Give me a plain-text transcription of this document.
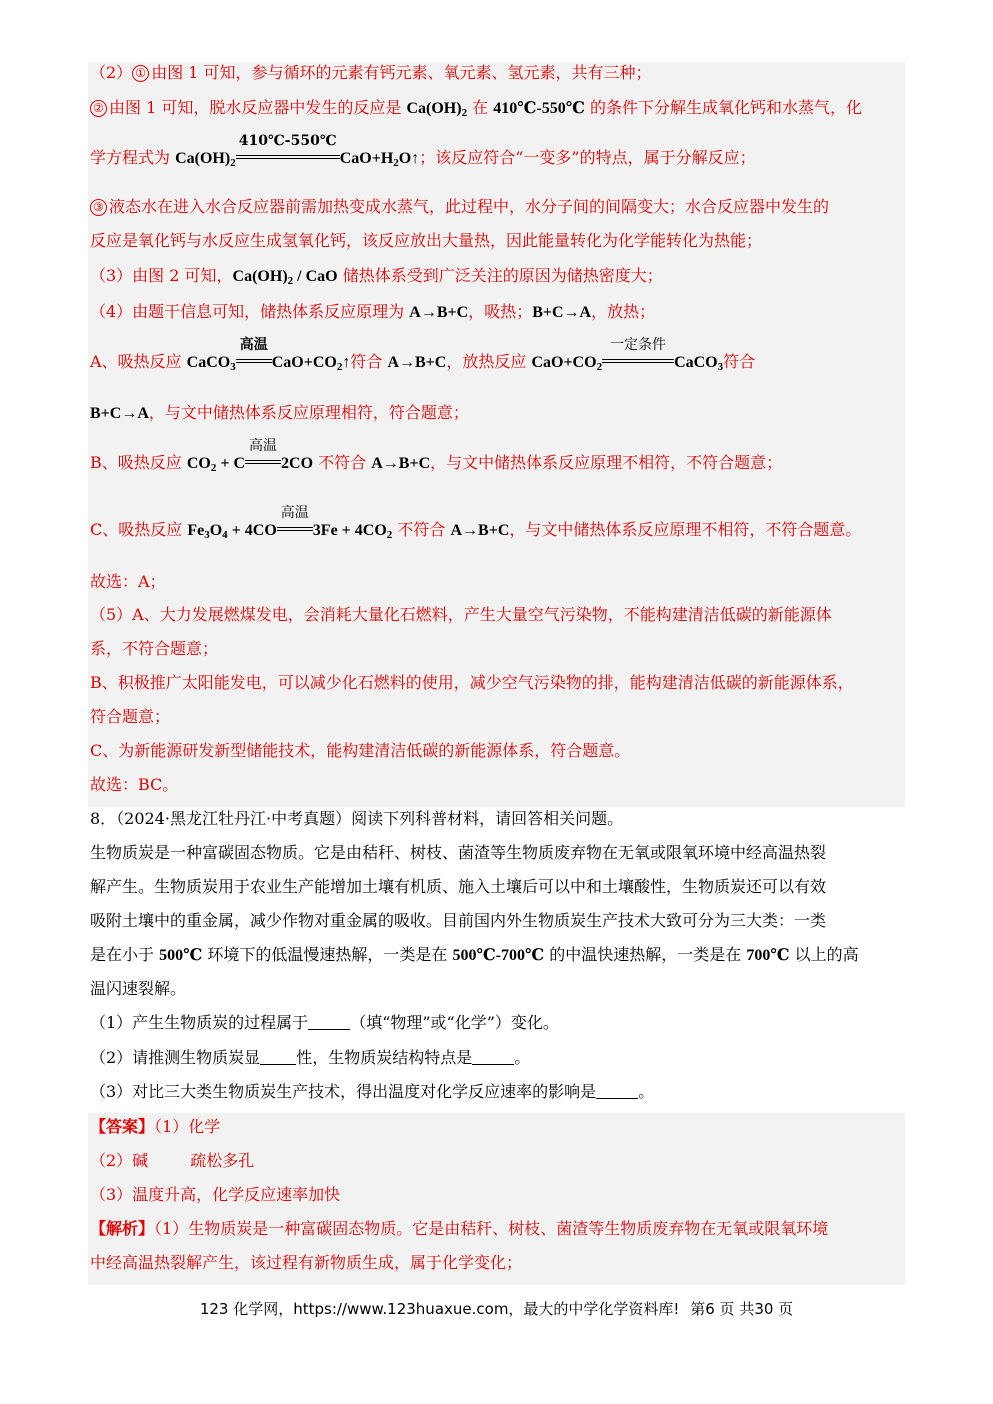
（2） ① 由图 1 可知，参与循环的元素有钙元素、氧元素、氢元素，共有三种；
② 由图 1 可知，脱水反应器中发生的反应是 $Ca(OH)_2$ 在 410℃-550℃ 的条件下分解生成氧化钙和水蒸气，化
学方程式为 $Ca(OH)_2$
410℃-550℃
$CaO+H_2O↑$；该反应符合“一变多”的特点，属于分解反应；
③ 液态水在进入水合反应器前需加热变成水蒸气，此过程中，水分子间的间隔变大；水合反应器中发生的
反应是氧化钙与水反应生成氢氧化钙，该反应放出大量热，因此能量转化为化学能转化为热能；
（3）由图 2 可知，$Ca(OH)_2$ / CaO 储热体系受到广泛关注的原因为储热密度大；
（4）由题干信息可知，储热体系反应原理为 A→B+C，吸热；B+C→A，放热；
A、吸热反应 CaCO$_3$
高温
$CaO+CO_2↑$符合 A→B+C，放热反应 $CaO+CO_2$
一定条件
CaCO$_3$符合
B+C→A，与文中储热体系反应原理相符，符合题意；
B、吸热反应 $CO_2 + C$
高温
2CO 不符合 A→B+C，与文中储热体系反应原理不相符，不符合题意；
C、吸热反应 $Fe_3O_4 + 4CO$
高温
$3Fe + 4CO_2$ 不符合 A→B+C，与文中储热体系反应原理不相符，不符合题意。
故选：A；
（5）A、大力发展燃煤发电，会消耗大量化石燃料，产生大量空气污染物，不能构建清洁低碳的新能源体
系，不符合题意；
B、积极推广太阳能发电，可以减少化石燃料的使用，减少空气污染物的排，能构建清洁低碳的新能源体系，
符合题意；
C、为新能源研发新型储能技术，能构建清洁低碳的新能源体系，符合题意。
故选：BC。
8．（2024·黑龙江牡丹江·中考真题）阅读下列科普材料，请回答相关问题。
生物质炭是一种富碳固态物质。它是由秸秆、树枝、菌渣等生物质废弃物在无氧或限氧环境中经高温热裂
解产生。生物质炭用于农业生产能增加土壤有机质、施入土壤后可以中和土壤酸性，生物质炭还可以有效
吸附土壤中的重金属，减少作物对重金属的吸收。目前国内外生物质炭生产技术大致可分为三大类：一类
是在小于 500℃ 环境下的低温慢速热解，一类是在 500℃-700℃ 的中温快速热解，一类是在 700℃ 以上的高
温闪速裂解。
（1）产生生物质炭的过程属于	（填“物理”或“化学”）变化。
（2）请推测生物质炭显 性，生物质炭结构特点是	。
（3）对比三大类生物质炭生产技术，得出温度对化学反应速率的影响是	。
【答案】（1）化学
（2）碱	疏松多孔
（3）温度升高，化学反应速率加快
【解析】（1）生物质炭是一种富碳固态物质。它是由秸秆、树枝、菌渣等生物质废弃物在无氧或限氧环境
中经高温热裂解产生，该过程有新物质生成，属于化学变化；
123 化学网，https://www.123huaxue.com，最大的中学化学资料库! 第6 页 共30 页
